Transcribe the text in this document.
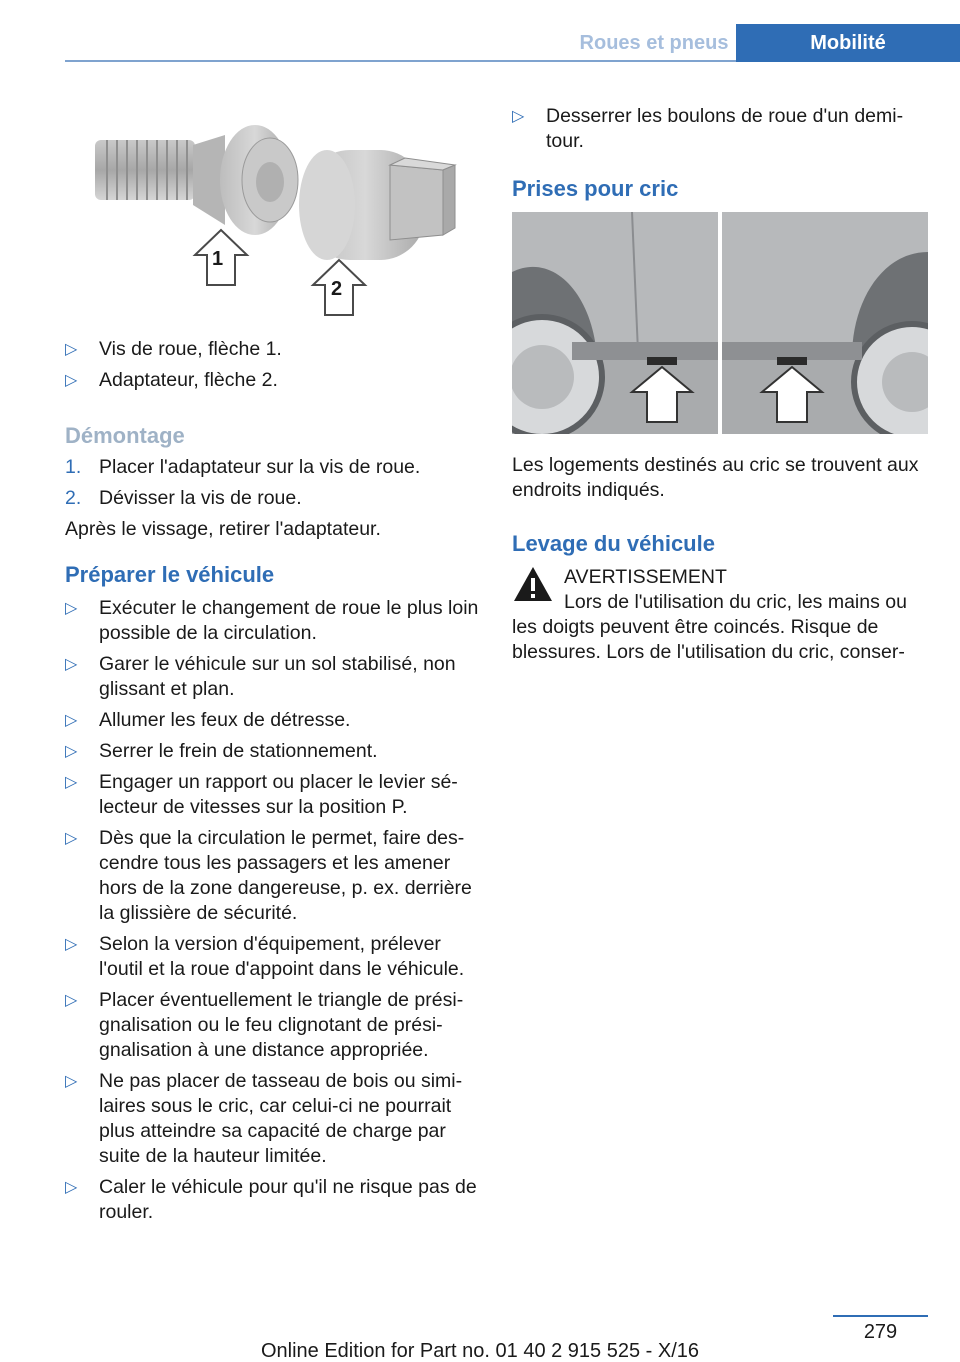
Roues et pneus	Mobilité
1
2
▷ Vis de roue, flèche 1.
▷ Adaptateur, flèche 2.
Démontage
1. Placer l'adaptateur sur la vis de roue.
2. Dévisser la vis de roue.
Après le vissage, retirer l'adaptateur.
Préparer le véhicule
▷ Exécuter le changement de roue le plus loin possible de la circulation.
▷ Garer le véhicule sur un sol stabilisé, non glissant et plan.
▷ Allumer les feux de détresse.
▷ Serrer le frein de stationnement.
▷ Engager un rapport ou placer le levier sélecteur de vitesses sur la position P.
▷ Dès que la circulation le permet, faire descendre tous les passagers et les amener hors de la zone dangereuse, p. ex. derrière la glissière de sécurité.
▷ Selon la version d'équipement, prélever l'outil et la roue d'appoint dans le véhicule.
▷ Placer éventuellement le triangle de présignalisation ou le feu clignotant de présignalisation à une distance appropriée.
▷ Ne pas placer de tasseau de bois ou similaires sous le cric, car celui-ci ne pourrait plus atteindre sa capacité de charge par suite de la hauteur limitée.
▷ Caler le véhicule pour qu'il ne risque pas de rouler.
▷ Desserrer les boulons de roue d'un demi-tour.
Prises pour cric
Les logements destinés au cric se trouvent aux endroits indiqués.
Levage du véhicule
AVERTISSEMENT
Lors de l'utilisation du cric, les mains ou
les doigts peuvent être coincés. Risque de blessures. Lors de l'utilisation du cric, conser-
279
Online Edition for Part no. 01 40 2 915 525 - X/16
